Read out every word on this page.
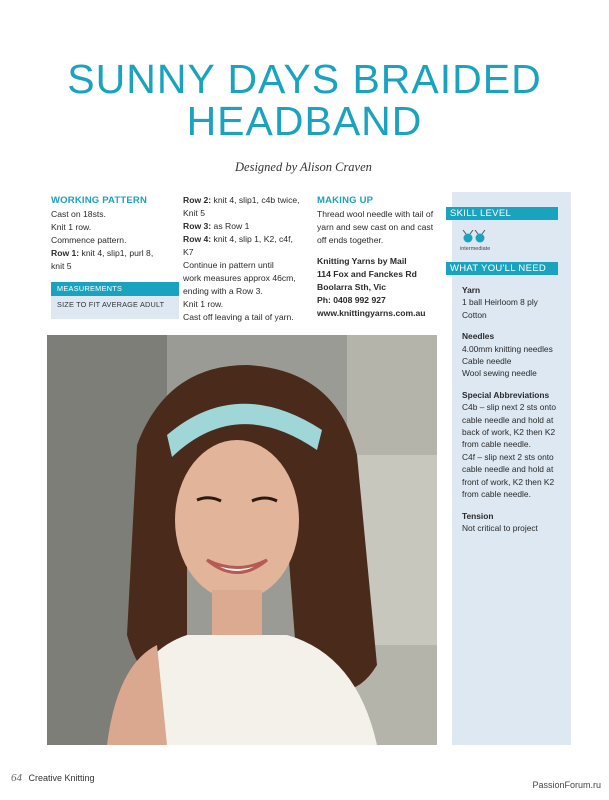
SUNNY DAYS BRAIDED
HEADBAND
Designed by Alison Craven
WORKING PATTERN
Cast on 18sts.
Knit 1 row.
Commence pattern.
Row 1: knit 4, slip1, purl 8,
knit 5
MEASUREMENTS
SIZE TO FIT AVERAGE ADULT
Row 2: knit 4, slip1, c4b twice,
Knit 5
Row 3: as Row 1
Row 4: knit 4, slip 1, K2, c4f,
K7
Continue in pattern until
work measures approx 46cm,
ending with a Row 3.
Knit 1 row.
Cast off leaving a tail of yarn.
MAKING UP
Thread wool needle with tail of
yarn and sew cast on and cast
off ends together.
Knitting Yarns by Mail
114 Fox and Fanckes Rd
Boolarra Sth, Vic
Ph: 0408 992 927
www.knittingyarns.com.au
SKILL LEVEL
intermediate
WHAT YOU'LL NEED
Yarn
1 ball Heirloom 8 ply
Cotton
Needles
4.00mm knitting needles
Cable needle
Wool sewing needle
Special Abbreviations
C4b – slip next 2 sts onto
cable needle and hold at
back of work, K2 then K2
from cable needle.
C4f – slip next 2 sts onto
cable needle and hold at
front of work, K2 then K2
from cable needle.
Tension
Not critical to project
64 Creative Knitting
PassionForum.ru
